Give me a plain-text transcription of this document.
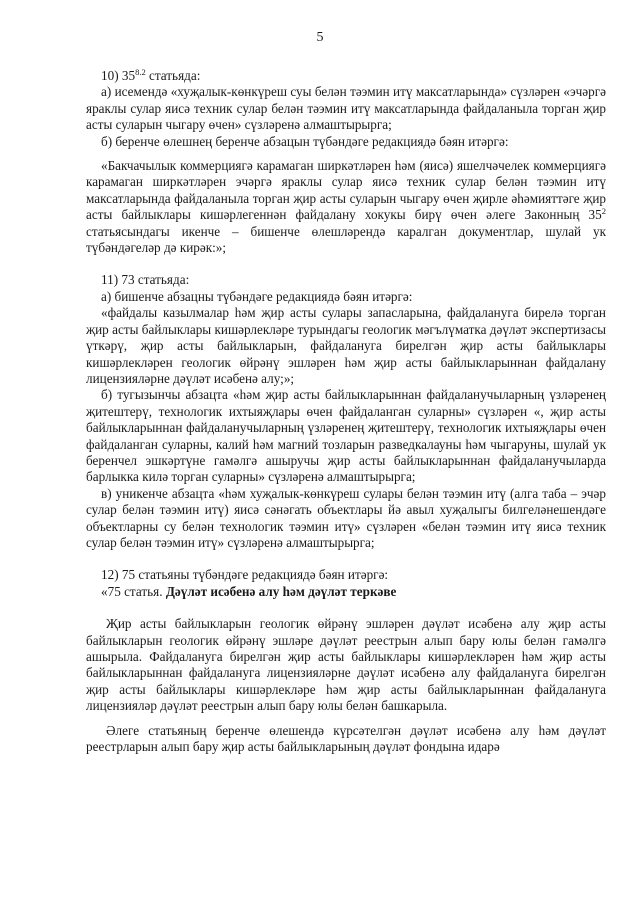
5

10) $35^{8.2}$ статьяда:

а) исемендә «хуҗалык-көнкүреш суы белән тәэмин итү максатларында» сүзләрен «эчәргә яраклы сулар яисә техник сулар белән тәэмин итү максатларында файдаланыла торган җир асты суларын чыгару өчен» сүзләренә алмаштырырга;

б) беренче өлешнең беренче абзацын түбәндәге редакциядә бәян итәргә:

«Бакчачылык коммерциягә карамаган ширкәтләрен һәм (яисә) яшелчәчелек коммерциягә карамаган ширкәтләрен эчәргә яраклы сулар яисә техник сулар белән тәэмин итү максатларында файдаланыла торган җир асты суларын чыгару өчен җирле әһәмияттәге җир асты байлыклары кишәрлегеннән файдалану хокукы бирү өчен әлеге Законның $35^2$ статьясындагы икенче – бишенче өлешләрендә каралган документлар, шулай ук түбәндәгеләр дә кирәк:»;

11) 73 статьяда:

а) бишенче абзацны түбәндәге редакциядә бәян итәргә:

«файдалы казылмалар һәм җир асты сулары запасларына, файдалануга бирелә торган җир асты байлыклары кишәрлекләре турындагы геологик мәгълүматка дәүләт экспертизасы үткәрү, җир асты байлыкларын, файдалануга бирелгән җир асты байлыклары кишәрлекләрен геологик өйрәнү эшләрен һәм җир асты байлыкларыннан файдалану лицензияләрне дәүләт исәбенә алу;»;

б) тугызынчы абзацта «һәм җир асты байлыкларыннан файдаланучыларның үзләренең җитештерү, технологик ихтыяҗлары өчен файдаланган суларны» сүзләрен «, җир асты байлыкларыннан файдаланучыларның үзләренең җитештерү, технологик ихтыяҗлары өчен файдаланган суларны, калий һәм магний тозларын разведкалауны һәм чыгаруны, шулай ук беренчел эшкәртүне гамәлгә ашыручы җир асты байлыкларыннан файдаланучыларда барлыкка килә торган суларны» сүзләренә алмаштырырга;

в) уникенче абзацта «һәм хуҗалык-көнкүреш сулары белән тәэмин итү (алга таба – эчәр сулар белән тәэмин итү) яисә сәнәгать объектлары йә авыл хуҗалыгы билгеләнешендәге объектларны су белән технологик тәэмин итү» сүзләрен «белән тәэмин итү яисә техник сулар белән тәэмин итү» сүзләренә алмаштырырга;

12) 75 статьяны түбәндәге редакциядә бәян итәргә:

«75 статья. Дәүләт исәбенә алу һәм дәүләт теркәве

Җир асты байлыкларын геологик өйрәнү эшләрен дәүләт исәбенә алу җир асты байлыкларын геологик өйрәнү эшләре дәүләт реестрын алып бару юлы белән гамәлгә ашырыла. Файдалануга бирелгән җир асты байлыклары кишәрлекләрен һәм җир асты байлыкларыннан файдалануга лицензияләрне дәүләт исәбенә алу файдалануга бирелгән җир асты байлыклары кишәрлекләре һәм җир асты байлыкларыннан файдалануга лицензияләр дәүләт реестрын алып бару юлы белән башкарыла.

Әлеге статьяның беренче өлешендә күрсәтелгән дәүләт исәбенә алу һәм дәүләт реестрларын алып бару җир асты байлыкларының дәүләт фондына идарә
